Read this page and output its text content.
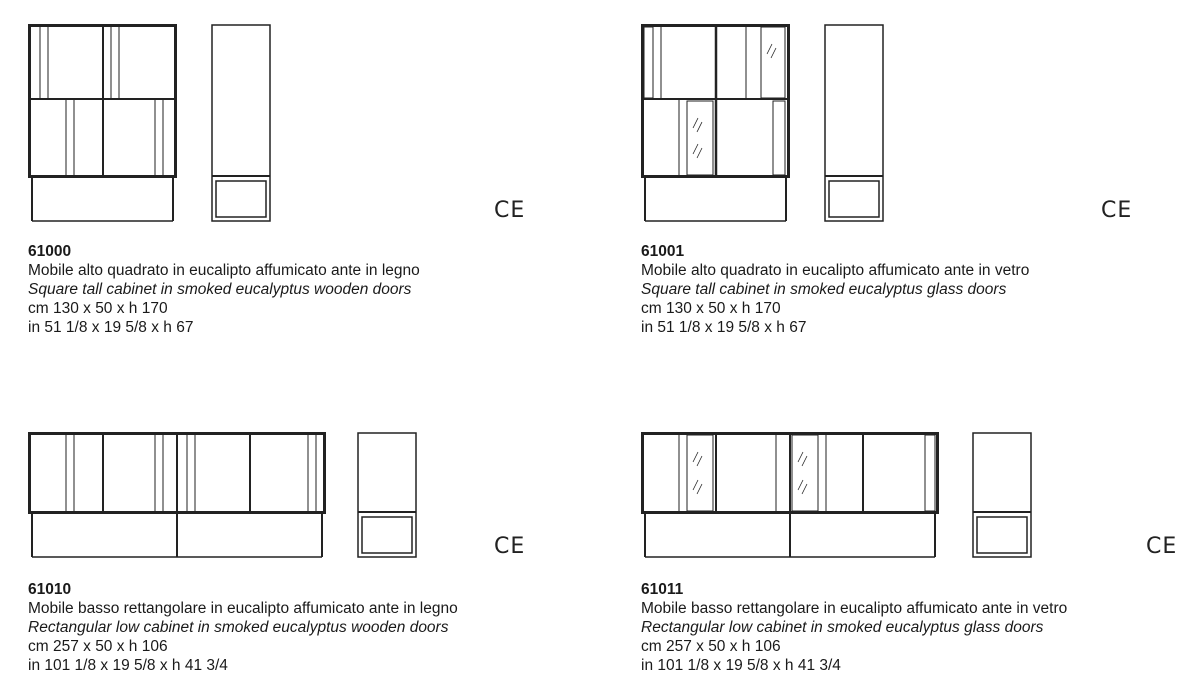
CE
61000
Mobile alto quadrato in eucalipto affumicato ante in legno
Square tall cabinet in smoked eucalyptus wooden doors
cm 130 x 50 x h 170
in 51 1/8 x 19 5/8 x h 67
CE
61001
Mobile alto quadrato in eucalipto affumicato ante in vetro
Square tall cabinet in smoked eucalyptus glass doors
cm 130 x 50 x h 170
in 51 1/8 x 19 5/8 x h 67
CE
61010
Mobile basso rettangolare in eucalipto affumicato ante in legno
Rectangular low cabinet in smoked eucalyptus wooden doors
cm 257 x 50 x h 106
in 101 1/8 x 19 5/8 x h 41 3/4
CE
61011
Mobile basso rettangolare in eucalipto affumicato ante in vetro
Rectangular low cabinet in smoked eucalyptus glass doors
cm 257 x 50 x h 106
in 101 1/8 x 19 5/8 x h 41 3/4
